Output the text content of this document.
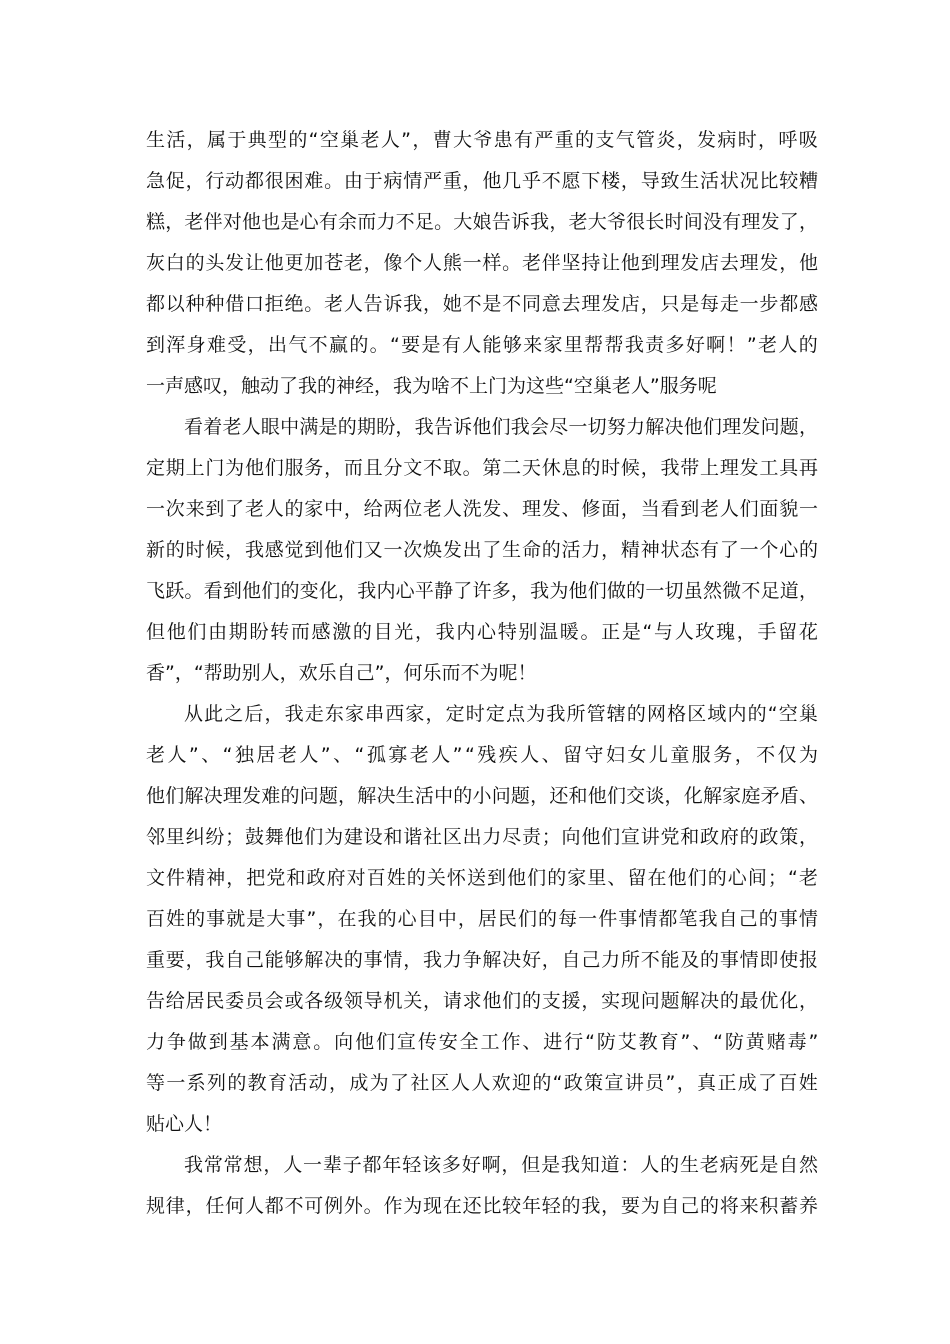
生活，属于典型的“空巢老人”，曹大爷患有严重的支气管炎，发病时，呼吸
急促，行动都很困难。由于病情严重，他几乎不愿下楼，导致生活状况比较糟
糕，老伴对他也是心有余而力不足。大娘告诉我，老大爷很长时间没有理发了，
灰白的头发让他更加苍老，像个人熊一样。老伴坚持让他到理发店去理发，他
都以种种借口拒绝。老人告诉我，她不是不同意去理发店，只是每走一步都感
到浑身难受，出气不赢的。“要是有人能够来家里帮帮我责多好啊！”老人的
一声感叹，触动了我的神经，我为啥不上门为这些“空巢老人”服务呢
看着老人眼中满是的期盼，我告诉他们我会尽一切努力解决他们理发问题，
定期上门为他们服务，而且分文不取。第二天休息的时候，我带上理发工具再
一次来到了老人的家中，给两位老人洗发、理发、修面，当看到老人们面貌一
新的时候，我感觉到他们又一次焕发出了生命的活力，精神状态有了一个心的
飞跃。看到他们的变化，我内心平静了许多，我为他们做的一切虽然微不足道，
但他们由期盼转而感激的目光，我内心特别温暖。正是“与人玫瑰，手留花
香”，“帮助别人，欢乐自己”，何乐而不为呢！
从此之后，我走东家串西家，定时定点为我所管辖的网格区域内的“空巢
老人”、“独居老人”、“孤寡老人”“残疾人、留守妇女儿童服务，不仅为
他们解决理发难的问题，解决生活中的小问题，还和他们交谈，化解家庭矛盾、
邻里纠纷；鼓舞他们为建设和谐社区出力尽责；向他们宣讲党和政府的政策，
文件精神，把党和政府对百姓的关怀送到他们的家里、留在他们的心间；“老
百姓的事就是大事”，在我的心目中，居民们的每一件事情都笔我自己的事情
重要，我自己能够解决的事情，我力争解决好，自己力所不能及的事情即使报
告给居民委员会或各级领导机关，请求他们的支援，实现问题解决的最优化，
力争做到基本满意。向他们宣传安全工作、进行“防艾教育”、“防黄赌毒”
等一系列的教育活动，成为了社区人人欢迎的“政策宣讲员”，真正成了百姓
贴心人！
我常常想，人一辈子都年轻该多好啊，但是我知道：人的生老病死是自然
规律，任何人都不可例外。作为现在还比较年轻的我，要为自己的将来积蓄养
